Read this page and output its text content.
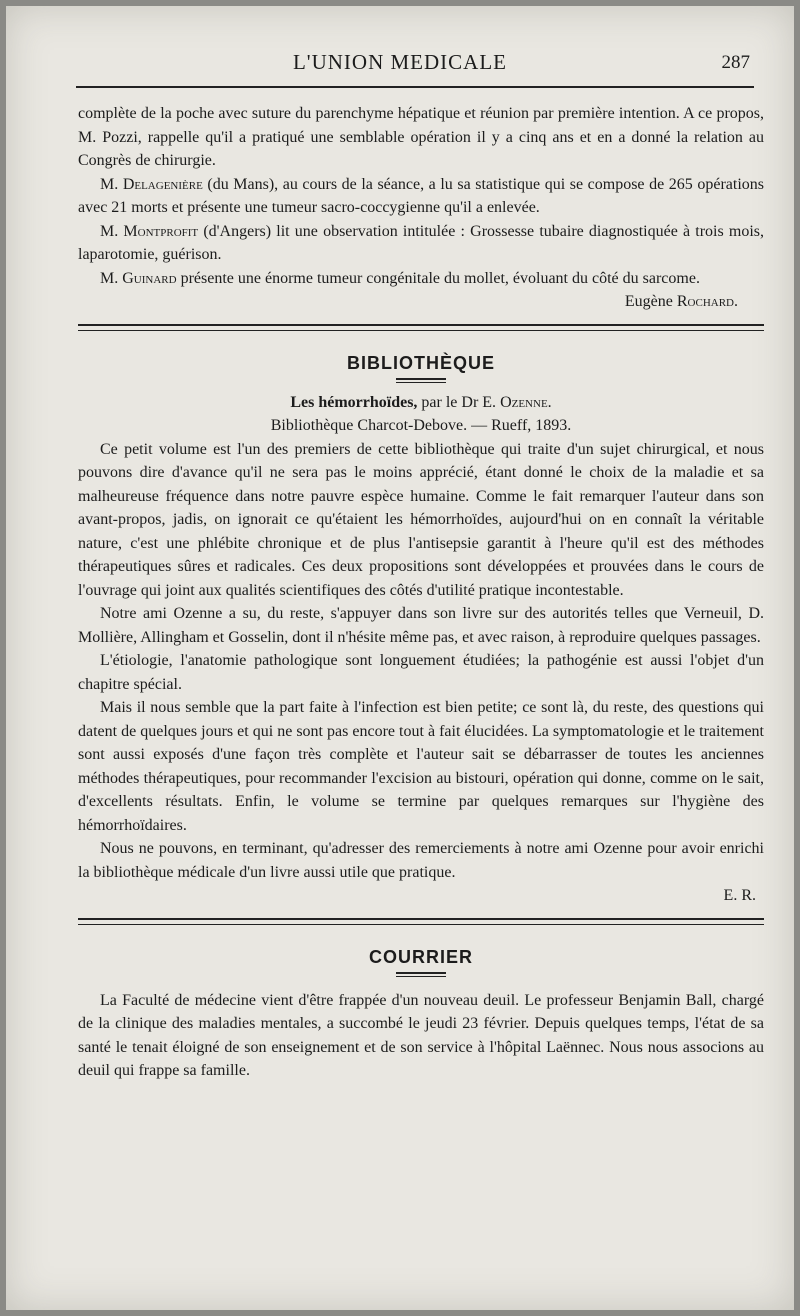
L'UNION MEDICALE	287

complète de la poche avec suture du parenchyme hépatique et réunion par première intention. A ce propos, M. Pozzi, rappelle qu'il a pratiqué une semblable opération il y a cinq ans et en a donné la relation au Congrès de chirurgie.

M. Delagenière (du Mans), au cours de la séance, a lu sa statistique qui se compose de 265 opérations avec 21 morts et présente une tumeur sacro-coccygienne qu'il a enlevée.

M. Montprofit (d'Angers) lit une observation intitulée : Grossesse tubaire diagnostiquée à trois mois, laparotomie, guérison.

M. Guinard présente une énorme tumeur congénitale du mollet, évoluant du côté du sarcome.

Eugène Rochard.

BIBLIOTHÈQUE

Les hémorrhoïdes, par le Dr E. Ozenne.

Bibliothèque Charcot-Debove. — Rueff, 1893.

Ce petit volume est l'un des premiers de cette bibliothèque qui traite d'un sujet chirurgical, et nous pouvons dire d'avance qu'il ne sera pas le moins apprécié, étant donné le choix de la maladie et sa malheureuse fréquence dans notre pauvre espèce humaine. Comme le fait remarquer l'auteur dans son avant-propos, jadis, on ignorait ce qu'étaient les hémorrhoïdes, aujourd'hui on en connaît la véritable nature, c'est une phlébite chronique et de plus l'antisepsie garantit à l'heure qu'il est des méthodes thérapeutiques sûres et radicales. Ces deux propositions sont développées et prouvées dans le cours de l'ouvrage qui joint aux qualités scientifiques des côtés d'utilité pratique incontestable.

Notre ami Ozenne a su, du reste, s'appuyer dans son livre sur des autorités telles que Verneuil, D. Mollière, Allingham et Gosselin, dont il n'hésite même pas, et avec raison, à reproduire quelques passages.

L'étiologie, l'anatomie pathologique sont longuement étudiées; la pathogénie est aussi l'objet d'un chapitre spécial.

Mais il nous semble que la part faite à l'infection est bien petite; ce sont là, du reste, des questions qui datent de quelques jours et qui ne sont pas encore tout à fait élucidées. La symptomatologie et le traitement sont aussi exposés d'une façon très complète et l'auteur sait se débarrasser de toutes les anciennes méthodes thérapeutiques, pour recommander l'excision au bistouri, opération qui donne, comme on le sait, d'excellents résultats. Enfin, le volume se termine par quelques remarques sur l'hygiène des hémorrhoïdaires.

Nous ne pouvons, en terminant, qu'adresser des remerciements à notre ami Ozenne pour avoir enrichi la bibliothèque médicale d'un livre aussi utile que pratique.

E. R.

COURRIER

La Faculté de médecine vient d'être frappée d'un nouveau deuil. Le professeur Benjamin Ball, chargé de la clinique des maladies mentales, a succombé le jeudi 23 février. Depuis quelques temps, l'état de sa santé le tenait éloigné de son enseignement et de son service à l'hôpital Laënnec. Nous nous associons au deuil qui frappe sa famille.
